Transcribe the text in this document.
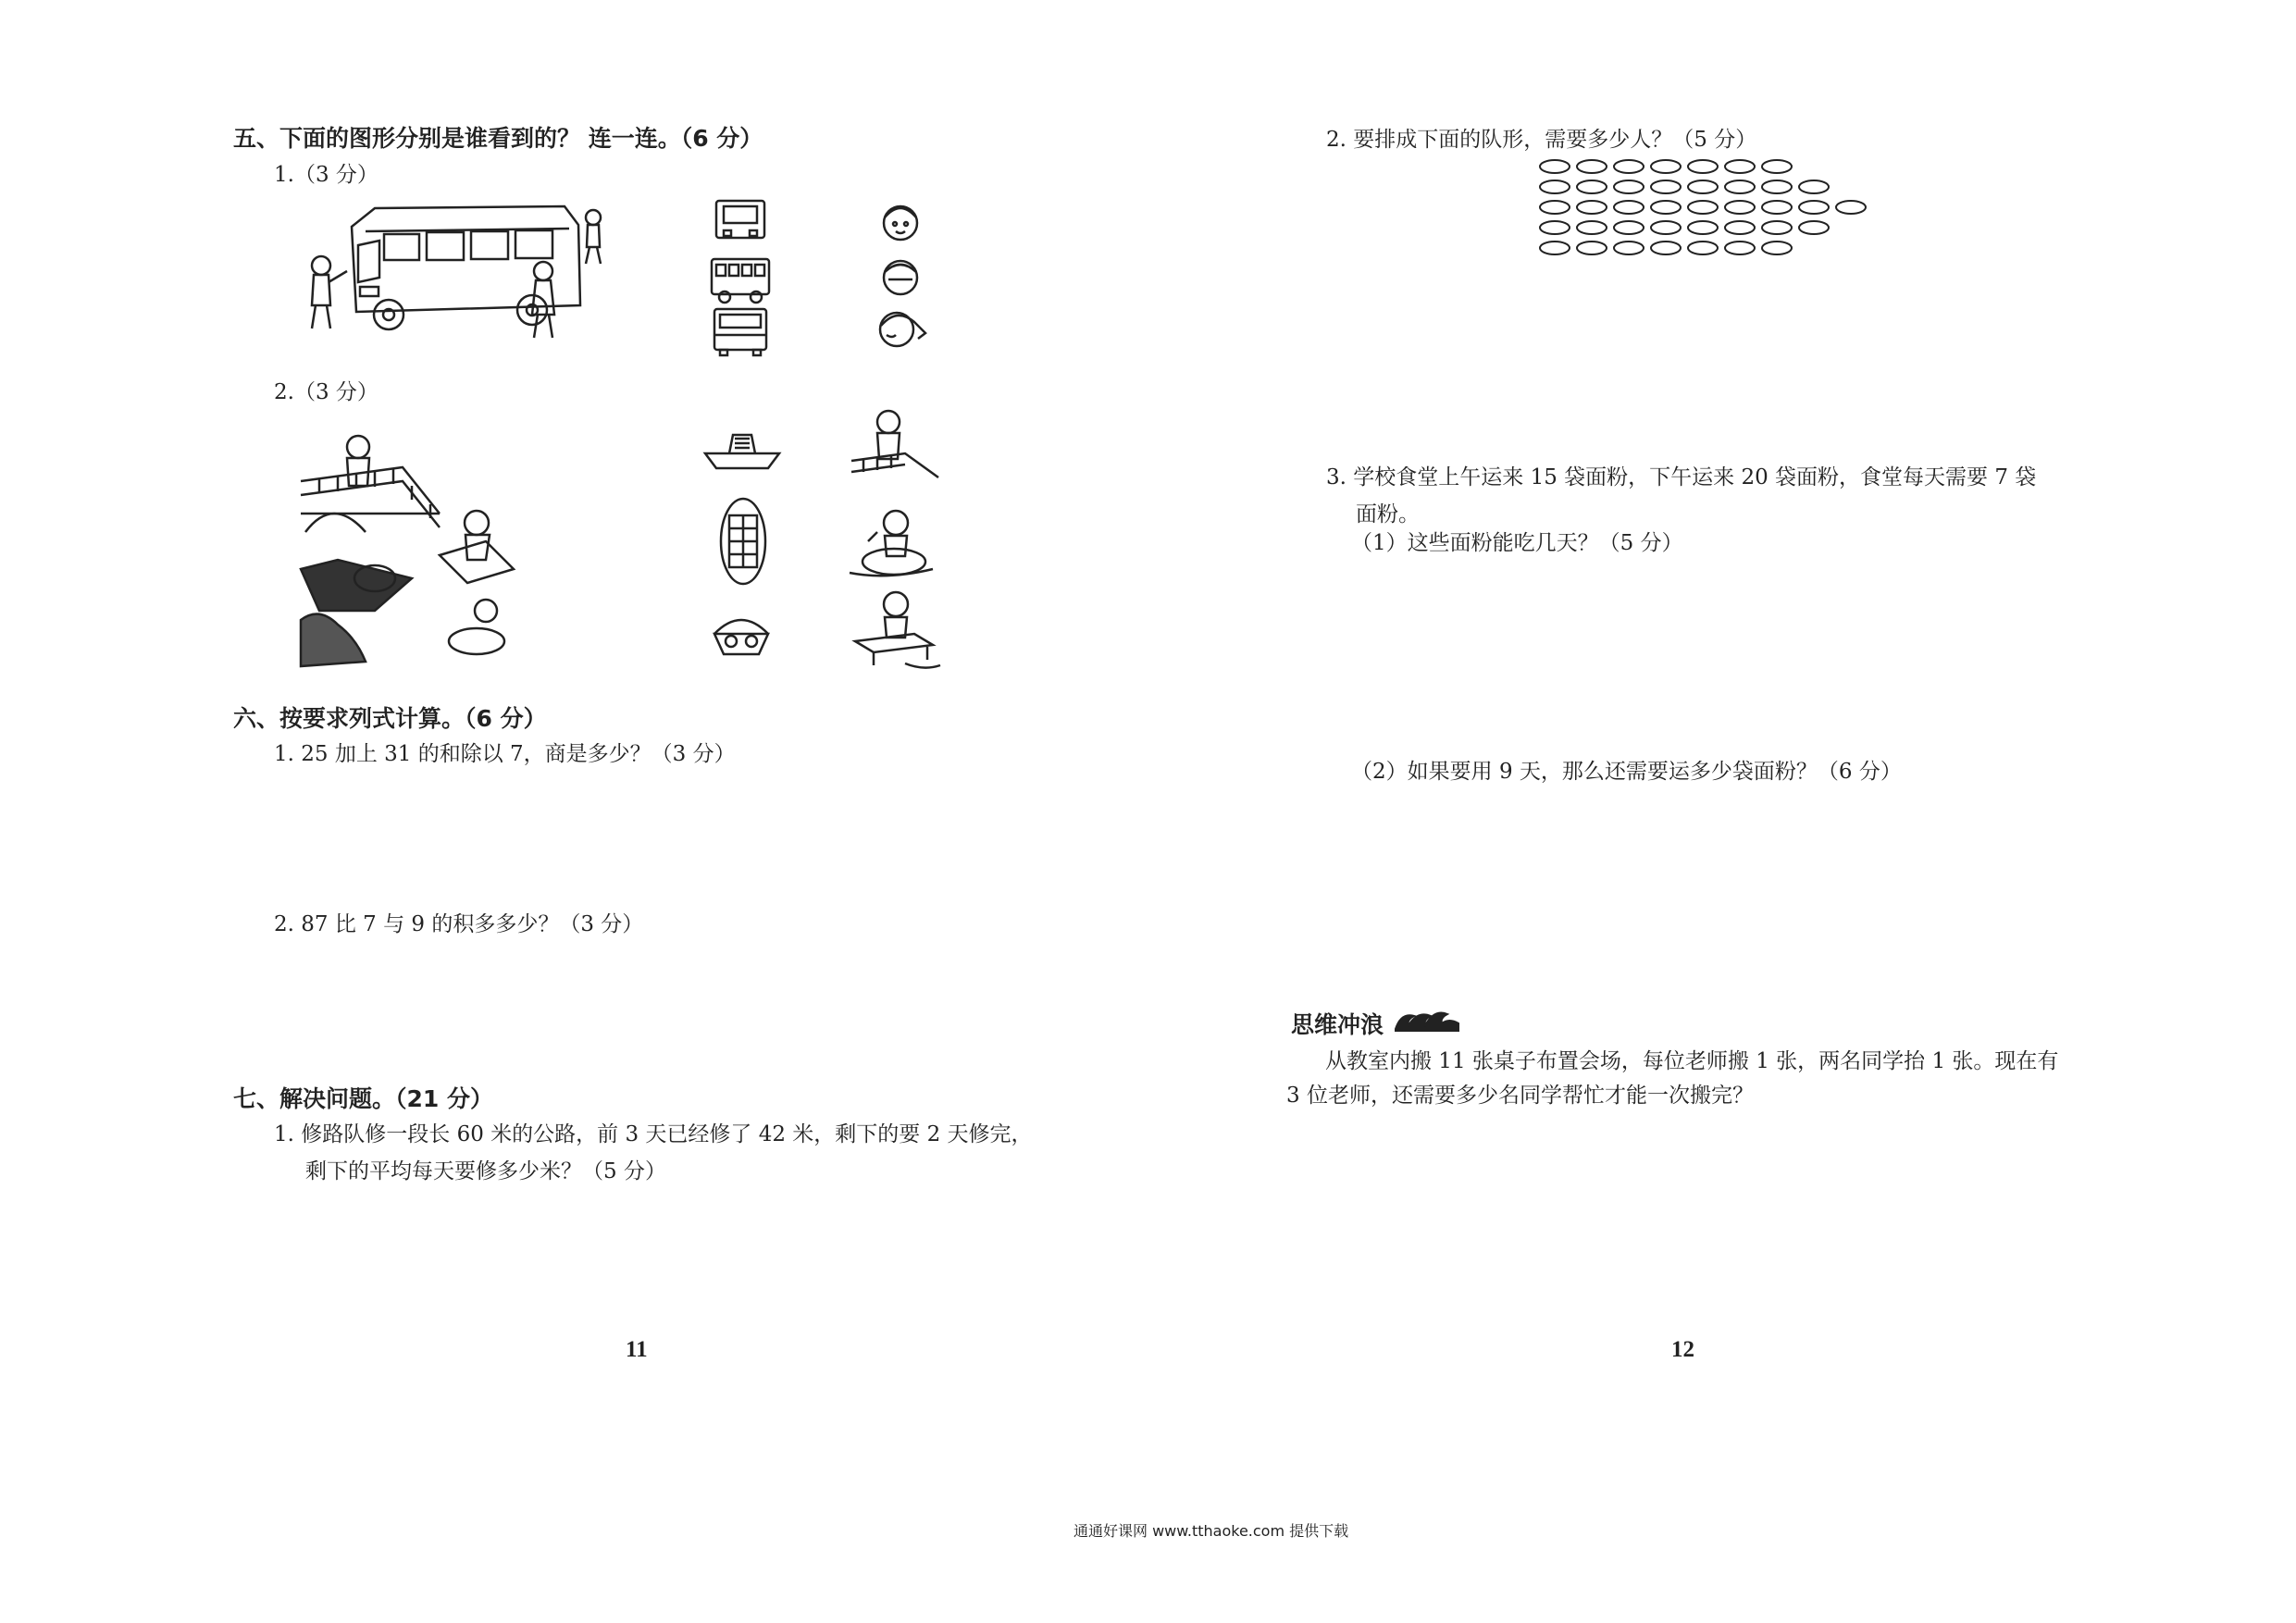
五、下面的图形分别是谁看到的？ 连一连。（6 分）
1.（3 分）
2.（3 分）
六、按要求列式计算。（6 分）
1. 25 加上 31 的和除以 7，商是多少？（3 分）
2. 87 比 7 与 9 的积多多少？（3 分）
七、解决问题。（21 分）
1. 修路队修一段长 60 米的公路，前 3 天已经修了 42 米，剩下的要 2 天修完，
剩下的平均每天要修多少米？（5 分）
11
2. 要排成下面的队形，需要多少人？（5 分）
3. 学校食堂上午运来 15 袋面粉，下午运来 20 袋面粉，食堂每天需要 7 袋
面粉。
（1）这些面粉能吃几天？（5 分）
（2）如果要用 9 天，那么还需要运多少袋面粉？（6 分）
思维冲浪
从教室内搬 11 张桌子布置会场，每位老师搬 1 张，两名同学抬 1 张。现在有
3 位老师，还需要多少名同学帮忙才能一次搬完？
12
通通好课网 www.tthaoke.com 提供下载
